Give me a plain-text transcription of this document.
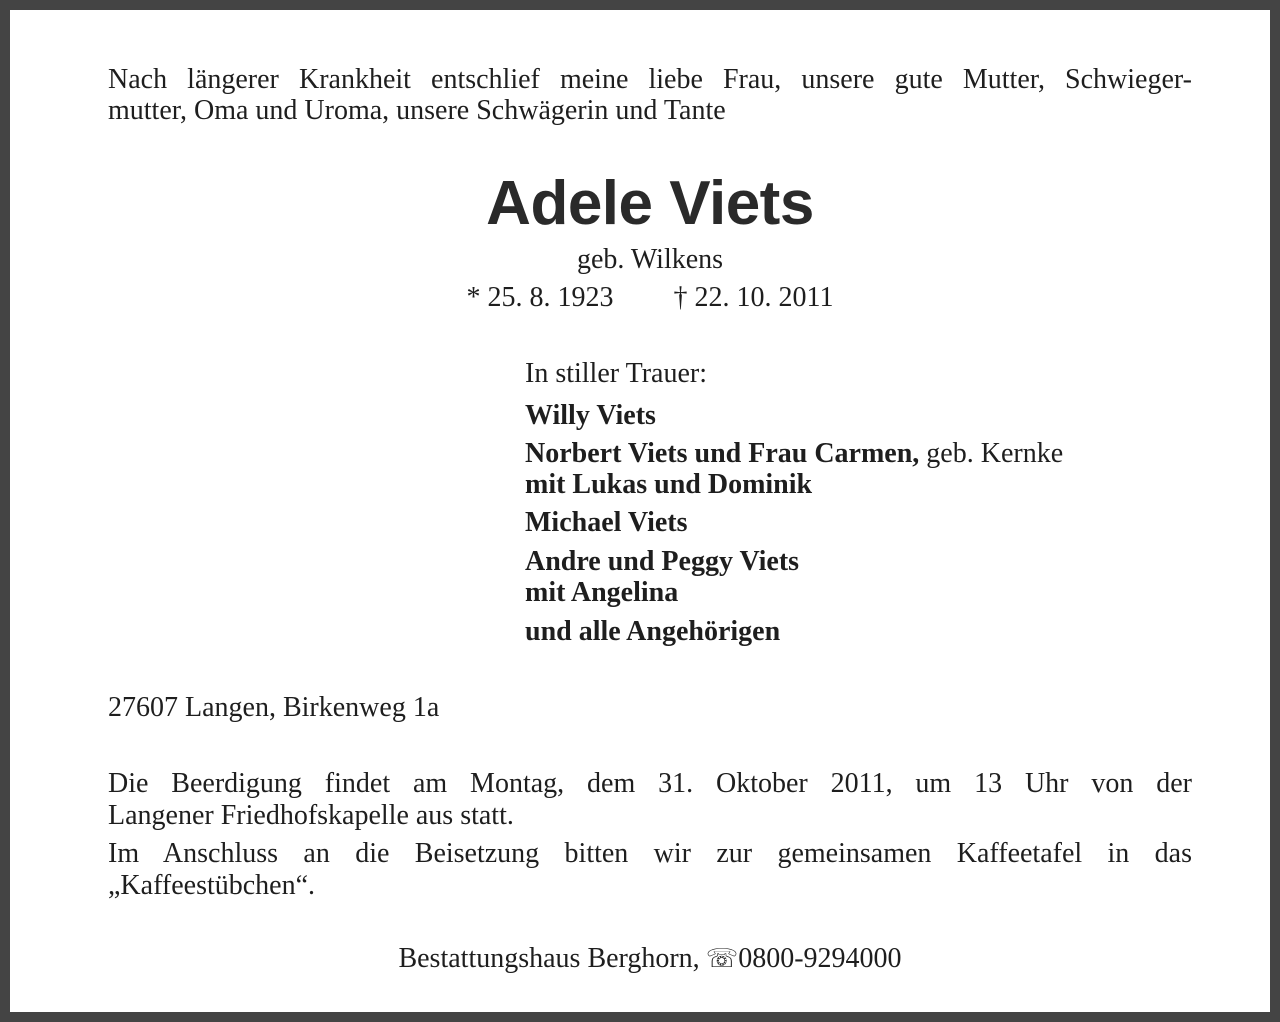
Nach längerer Krankheit entschlief meine liebe Frau, unsere gute Mutter, Schwieger-
mutter, Oma und Uroma, unsere Schwägerin und Tante
Adele Viets
geb. Wilkens
* 25. 8. 1923 † 22. 10. 2011
In stiller Trauer:
Willy Viets
Norbert Viets und Frau Carmen, geb. Kernke
mit Lukas und Dominik
Michael Viets
Andre und Peggy Viets
mit Angelina
und alle Angehörigen
27607 Langen, Birkenweg 1a
Die Beerdigung findet am Montag, dem 31. Oktober 2011, um 13 Uhr von der
Langener Friedhofskapelle aus statt.
Im Anschluss an die Beisetzung bitten wir zur gemeinsamen Kaffeetafel in das
„Kaffeestübchen“.
Bestattungshaus Berghorn, ☏0800-9294000
